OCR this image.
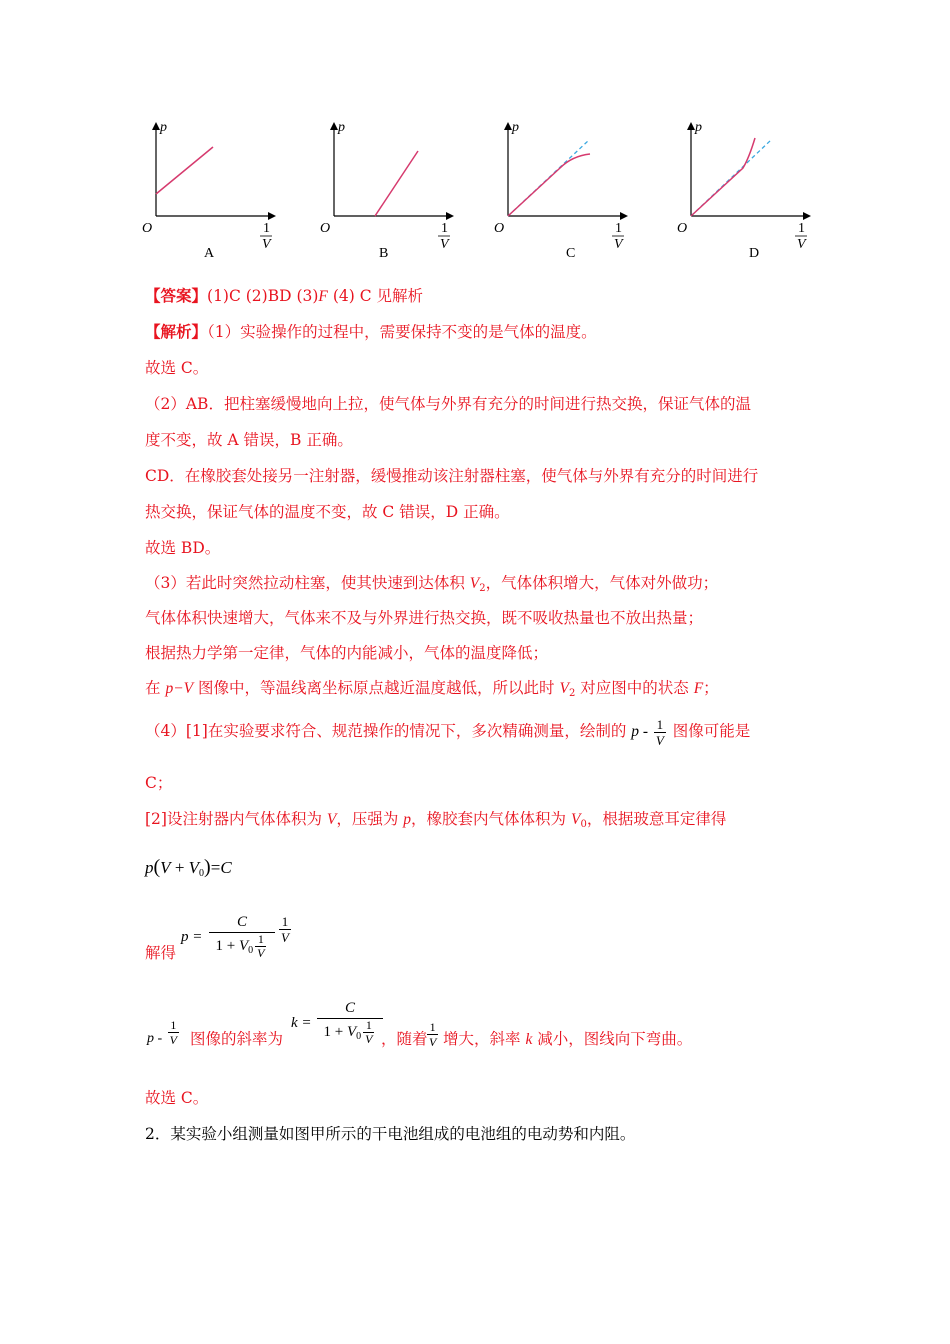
p
O	1
V
p
O	1
V
p
O	1
V
p
O	1
V
A	B	C	D
【答案】(1)C (2)BD (3)F (4) C 见解析
【解析】（1）实验操作的过程中，需要保持不变的是气体的温度。
故选 C。
（2）AB．把柱塞缓慢地向上拉，使气体与外界有充分的时间进行热交换，保证气体的温
度不变，故 A 错误，B 正确。
CD．在橡胶套处接另一注射器，缓慢推动该注射器柱塞，使气体与外界有充分的时间进行
热交换，保证气体的温度不变，故 C 错误，D 正确。
故选 BD。
（3）若此时突然拉动柱塞，使其快速到达体积 $V_2$，气体体积增大，气体对外做功；
气体体积快速增大，气体来不及与外界进行热交换，既不吸收热量也不放出热量；
根据热力学第一定律，气体的内能减小，气体的温度降低；
在 p−V 图像中，等温线离坐标原点越近温度越低，所以此时 $V_2$ 对应图中的状态 F；
（4）[1]在实验要求符合、规范操作的情况下，多次精确测量，绘制的 p - $\frac{1}{V}$ 图像可能是
C；
[2]设注射器内气体体积为 V，压强为 p，橡胶套内气体体积为 $V_0$，根据玻意耳定律得
$p(V + V_0)=C$
解得
p =
C
$1 + V_0 \frac{1}{V}$
$\frac{1}{V}$
p - $\frac{1}{V}$ 图像的斜率为
k =
C
$1 + V_0 \frac{1}{V}$ ，随着 $\frac{1}{V}$ 增大，斜率 k 减小，图线向下弯曲。
故选 C。
2．某实验小组测量如图甲所示的干电池组成的电池组的电动势和内阻。
